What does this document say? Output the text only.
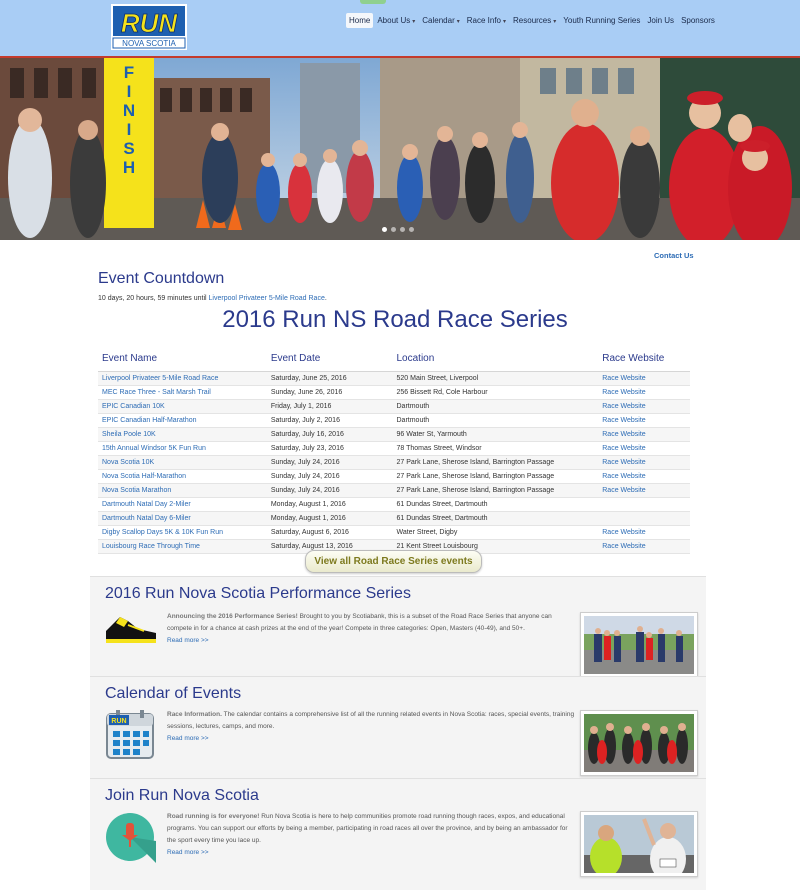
RUN
NOVA SCOTIA
Home About Us ▾ Calendar ▾ Race Info ▾ Resources ▾ Youth Running Series Join Us Sponsors
F
I
N
I
S
H
Contact Us
Event Countdown
10 days, 20 hours, 59 minutes until Liverpool Privateer 5-Mile Road Race.
2016 Run NS Road Race Series
Event Name	Event Date	Location	Race Website
Liverpool Privateer 5-Mile Road Race	Saturday, June 25, 2016	520 Main Street, Liverpool	Race Website
MEC Race Three - Salt Marsh Trail	Sunday, June 26, 2016	256 Bissett Rd, Cole Harbour	Race Website
EPIC Canadian 10K	Friday, July 1, 2016	Dartmouth	Race Website
EPIC Canadian Half-Marathon	Saturday, July 2, 2016	Dartmouth	Race Website
Sheila Poole 10K	Saturday, July 16, 2016	96 Water St, Yarmouth	Race Website
15th Annual Windsor 5K Fun Run	Saturday, July 23, 2016	78 Thomas Street, Windsor	Race Website
Nova Scotia 10K	Sunday, July 24, 2016	27 Park Lane, Sherose Island, Barrington Passage	Race Website
Nova Scotia Half-Marathon	Sunday, July 24, 2016	27 Park Lane, Sherose Island, Barrington Passage	Race Website
Nova Scotia Marathon	Sunday, July 24, 2016	27 Park Lane, Sherose Island, Barrington Passage	Race Website
Dartmouth Natal Day 2-Miler	Monday, August 1, 2016	61 Dundas Street, Dartmouth	
Dartmouth Natal Day 6-Miler	Monday, August 1, 2016	61 Dundas Street, Dartmouth	
Digby Scallop Days 5K & 10K Fun Run	Saturday, August 6, 2016	Water Street, Digby	Race Website
Louisbourg Race Through Time	Saturday, August 13, 2016	21 Kent Street Louisbourg	Race Website
View all Road Race Series events
2016 Run Nova Scotia Performance Series
Announcing the 2016 Performance Series! Brought to you by Scotiabank, this is a subset of the Road Race Series that anyone can compete in for a chance at cash prizes at the end of the year! Compete in three categories: Open, Masters (40-49), and 50+.
Read more >>
Calendar of Events
RUN
Race Information. The calendar contains a comprehensive list of all the running related events in Nova Scotia: races, special events, training sessions, lectures, camps, and more.
Read more >>
Join Run Nova Scotia
Road running is for everyone! Run Nova Scotia is here to help communities promote road running though races, expos, and educational programs. You can support our efforts by being a member, participating in road races all over the province, and by being an ambassador for the sport every time you lace up.
Read more >>
